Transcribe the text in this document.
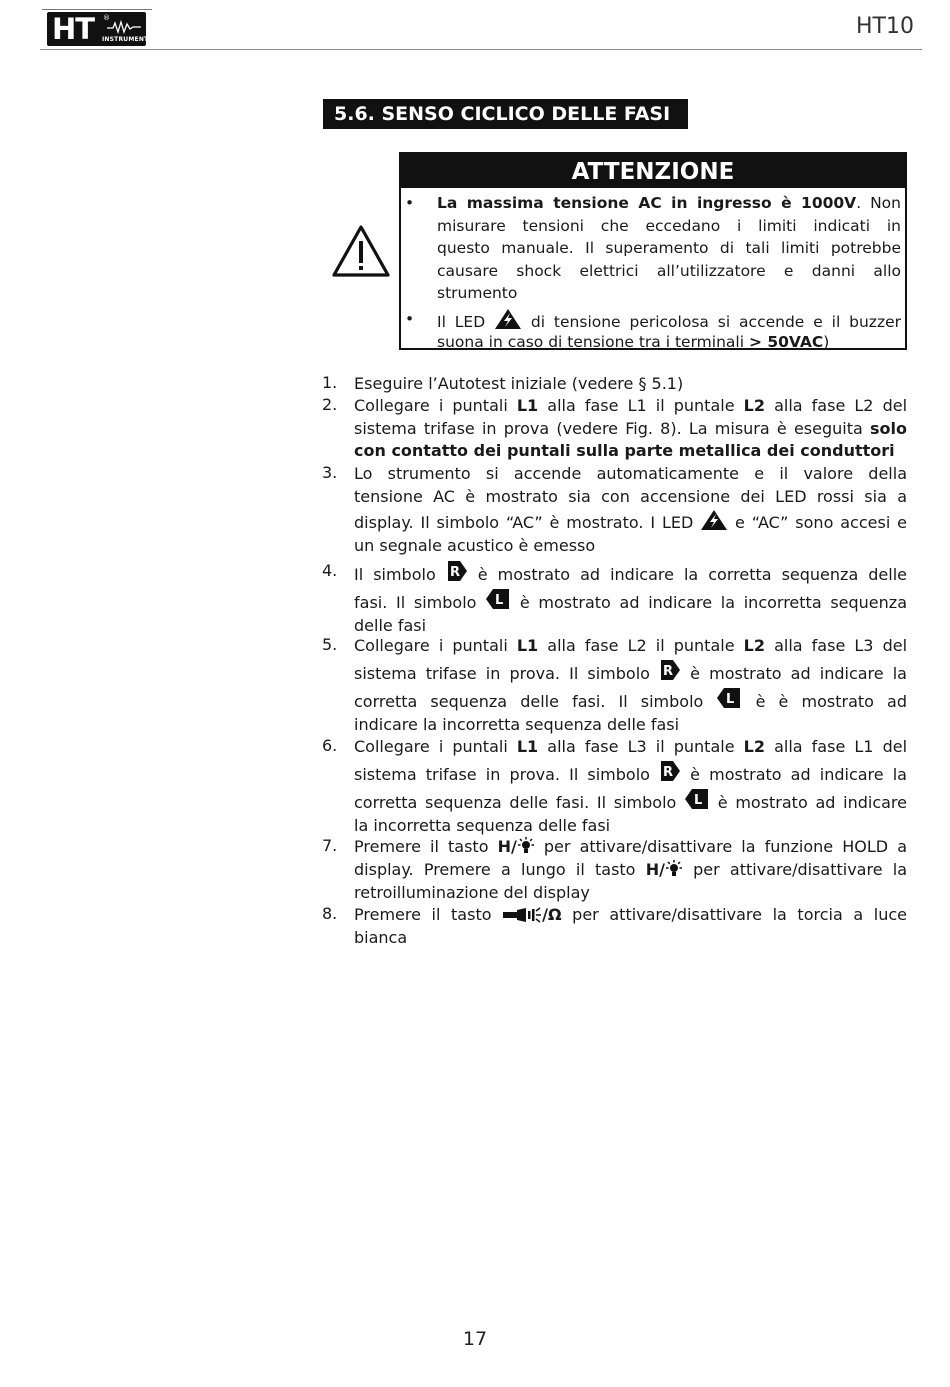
HT ®
INSTRUMENTS
HT10
5.6. SENSO CICLICO DELLE FASI
ATTENZIONE
• La massima tensione AC in ingresso è 1000V. Non
misurare tensioni che eccedano i limiti indicati in
questo manuale. Il superamento di tali limiti potrebbe
causare shock elettrici all’utilizzatore e danni allo
strumento
• Il LED  di tensione pericolosa si accende e il buzzer
suona in caso di tensione tra i terminali > 50VAC)
1. Eseguire l’Autotest iniziale (vedere § 5.1)
2. Collegare i puntali L1 alla fase L1 il puntale L2 alla fase L2 del
sistema trifase in prova (vedere Fig. 8). La misura è eseguita solo
con contatto dei puntali sulla parte metallica dei conduttori
3. Lo strumento si accende automaticamente e il valore della
tensione AC è mostrato sia con accensione dei LED rossi sia a
display. Il simbolo “AC” è mostrato. I LED  e “AC” sono accesi e
un segnale acustico è emesso
4. Il simbolo R è mostrato ad indicare la corretta sequenza delle
fasi. Il simbolo L è mostrato ad indicare la incorretta sequenza
delle fasi
5. Collegare i puntali L1 alla fase L2 il puntale L2 alla fase L3 del
sistema trifase in prova. Il simbolo R è mostrato ad indicare la
corretta sequenza delle fasi. Il simbolo L è è mostrato ad
indicare la incorretta sequenza delle fasi
6. Collegare i puntali L1 alla fase L3 il puntale L2 alla fase L1 del
sistema trifase in prova. Il simbolo R è mostrato ad indicare la
corretta sequenza delle fasi. Il simbolo L è mostrato ad indicare
la incorretta sequenza delle fasi
7. Premere il tasto H/ per attivare/disattivare la funzione HOLD a
display. Premere a lungo il tasto H/ per attivare/disattivare la
retroilluminazione del display
8. Premere il tasto	/Ω per attivare/disattivare la torcia a luce
bianca
17
